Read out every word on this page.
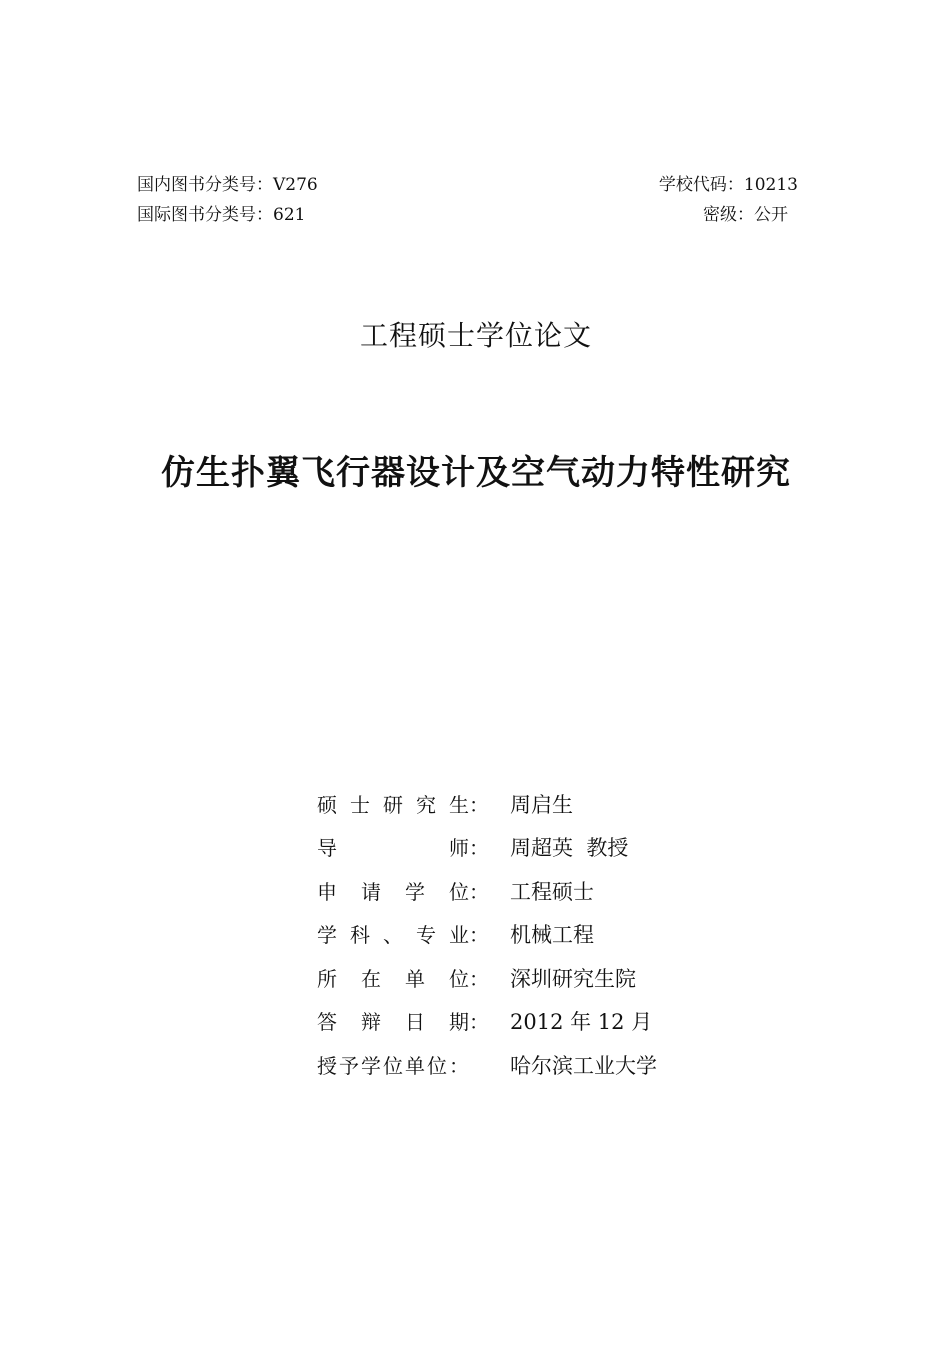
国内图书分类号：V276	学校代码：10213
国际图书分类号：621	密级：公开
工程硕士学位论文
仿生扑翼飞行器设计及空气动力特性研究
硕 士 研 究 生： 周启生
导	师： 周超英  教授
申 请 学 位： 工程硕士
学 科 、 专 业： 机械工程
所 在 单 位： 深圳研究生院
答 辩 日 期： 2012 年 12 月
授予学位单位：	哈尔滨工业大学
